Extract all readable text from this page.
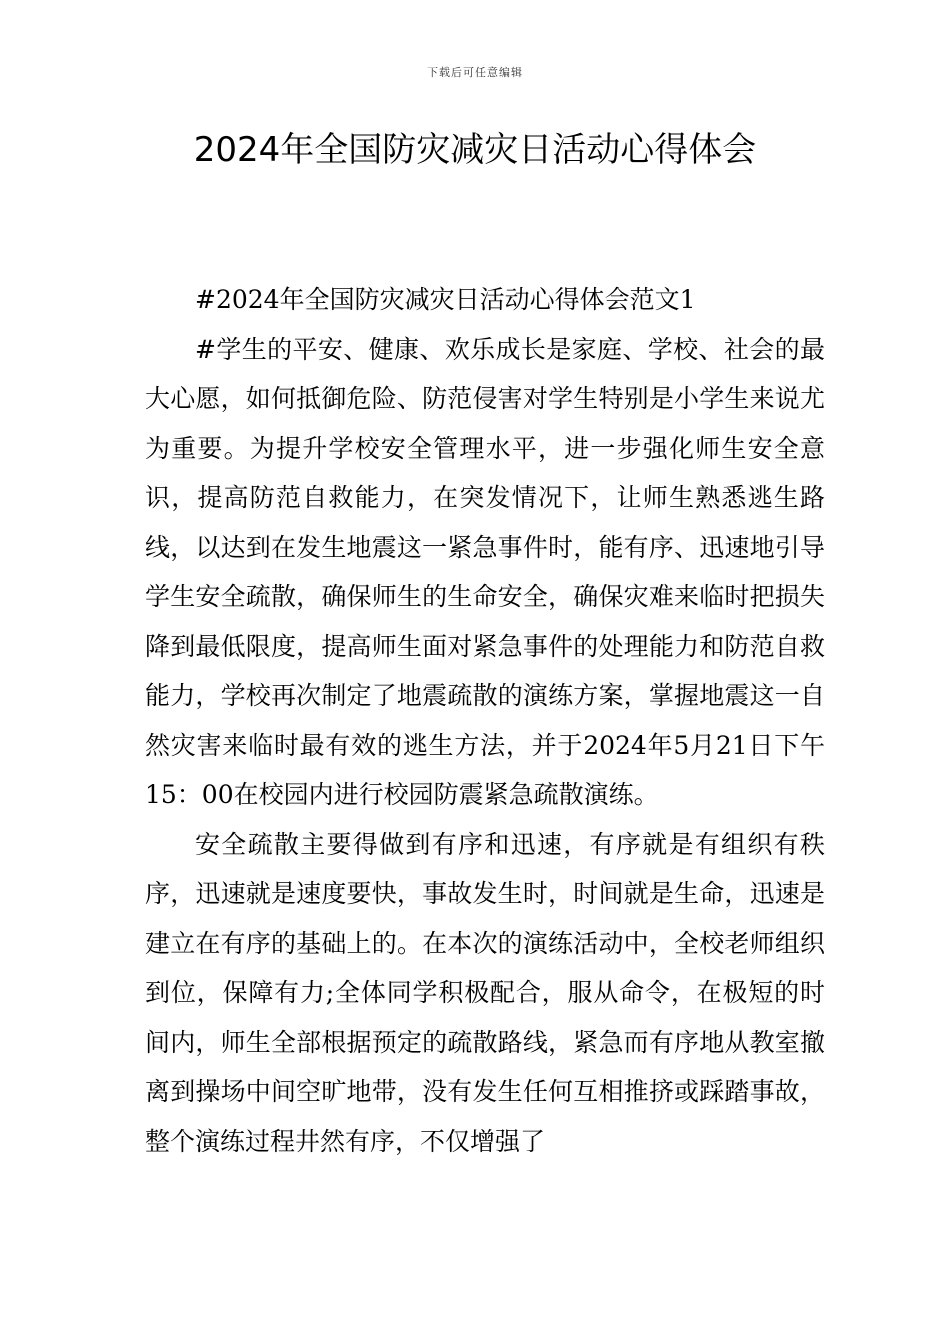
下载后可任意编辑
2024年全国防灾减灾日活动心得体会

#2024年全国防灾减灾日活动心得体会范文1

#学生的平安、健康、欢乐成长是家庭、学校、社会的最大心愿，如何抵御危险、防范侵害对学生特别是小学生来说尤为重要。为提升学校安全管理水平，进一步强化师生安全意识，提高防范自救能力，在突发情况下，让师生熟悉逃生路线，以达到在发生地震这一紧急事件时，能有序、迅速地引导学生安全疏散，确保师生的生命安全，确保灾难来临时把损失降到最低限度，提高师生面对紧急事件的处理能力和防范自救能力，学校再次制定了地震疏散的演练方案，掌握地震这一自然灾害来临时最有效的逃生方法，并于2024年5月21日下午15：00在校园内进行校园防震紧急疏散演练。

安全疏散主要得做到有序和迅速，有序就是有组织有秩序，迅速就是速度要快，事故发生时，时间就是生命，迅速是建立在有序的基础上的。在本次的演练活动中，全校老师组织到位，保障有力;全体同学积极配合，服从命令，在极短的时间内，师生全部根据预定的疏散路线，紧急而有序地从教室撤离到操场中间空旷地带，没有发生任何互相推挤或踩踏事故，整个演练过程井然有序，不仅增强了
